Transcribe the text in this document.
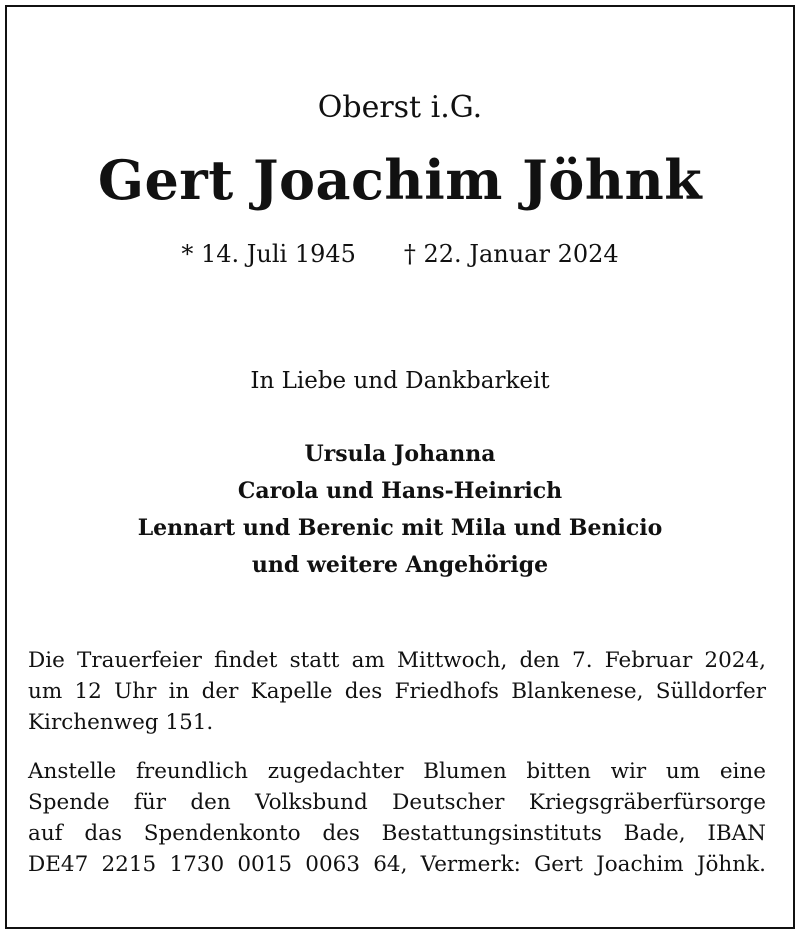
Oberst i.G.
Gert Joachim Jöhnk
* 14. Juli 1945 † 22. Januar 2024
In Liebe und Dankbarkeit
Ursula Johanna
Carola und Hans-Heinrich
Lennart und Berenic mit Mila und Benicio
und weitere Angehörige
Die Trauerfeier findet statt am Mittwoch, den 7. Februar 2024,
um 12 Uhr in der Kapelle des Friedhofs Blankenese, Sülldorfer
Kirchenweg 151.
Anstelle freundlich zugedachter Blumen bitten wir um eine
Spende für den Volksbund Deutscher Kriegsgräberfürsorge
auf das Spendenkonto des Bestattungsinstituts Bade, IBAN
DE47 2215 1730 0015 0063 64, Vermerk: Gert Joachim Jöhnk.
